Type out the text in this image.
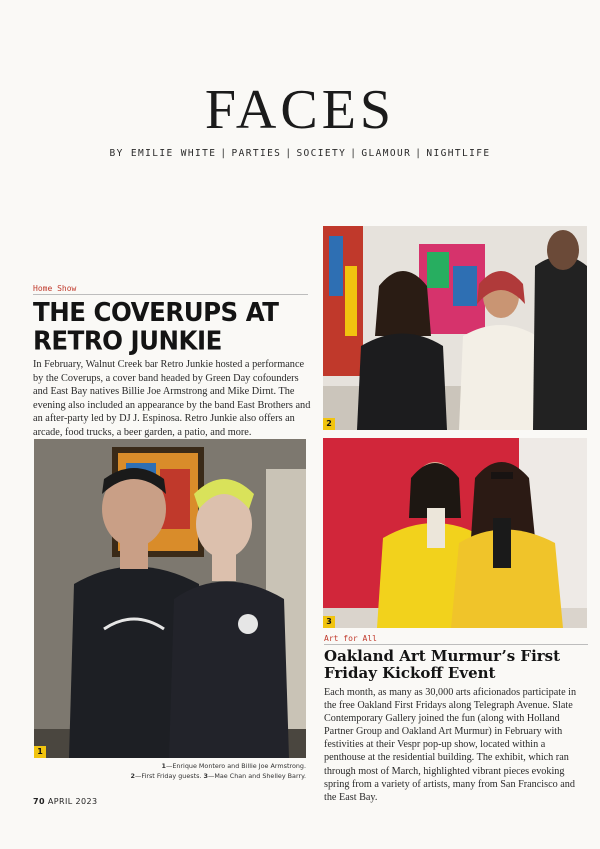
FACES
BY EMILIE WHITE | PARTIES | SOCIETY | GLAMOUR | NIGHTLIFE
Home Show
THE COVERUPS AT
RETRO JUNKIE
In February, Walnut Creek bar Retro Junkie hosted a performance by the Coverups, a cover band headed by Green Day cofounders and East Bay natives Billie Joe Armstrong and Mike Dirnt. The evening also included an appearance by the band East Brothers and an after-party led by DJ J. Espinosa. Retro Junkie also offers an arcade, food trucks, a beer garden, a patio, and more.
1
2
3
1—Enrique Montero and Billie Joe Armstrong.
2—First Friday guests. 3—Mae Chan and Shelley Barry.
Art for All
Oakland Art Murmur’s First Friday Kickoff Event
Each month, as many as 30,000 arts aficionados participate in the free Oakland First Fridays along Telegraph Avenue. Slate Contemporary Gallery joined the fun (along with Holland Partner Group and Oakland Art Murmur) in February with festivities at their Vespr pop-up show, located within a penthouse at the residential building. The exhibit, which ran through most of March, highlighted vibrant pieces evoking spring from a variety of artists, many from San Francisco and the East Bay.
70 APRIL 2023
